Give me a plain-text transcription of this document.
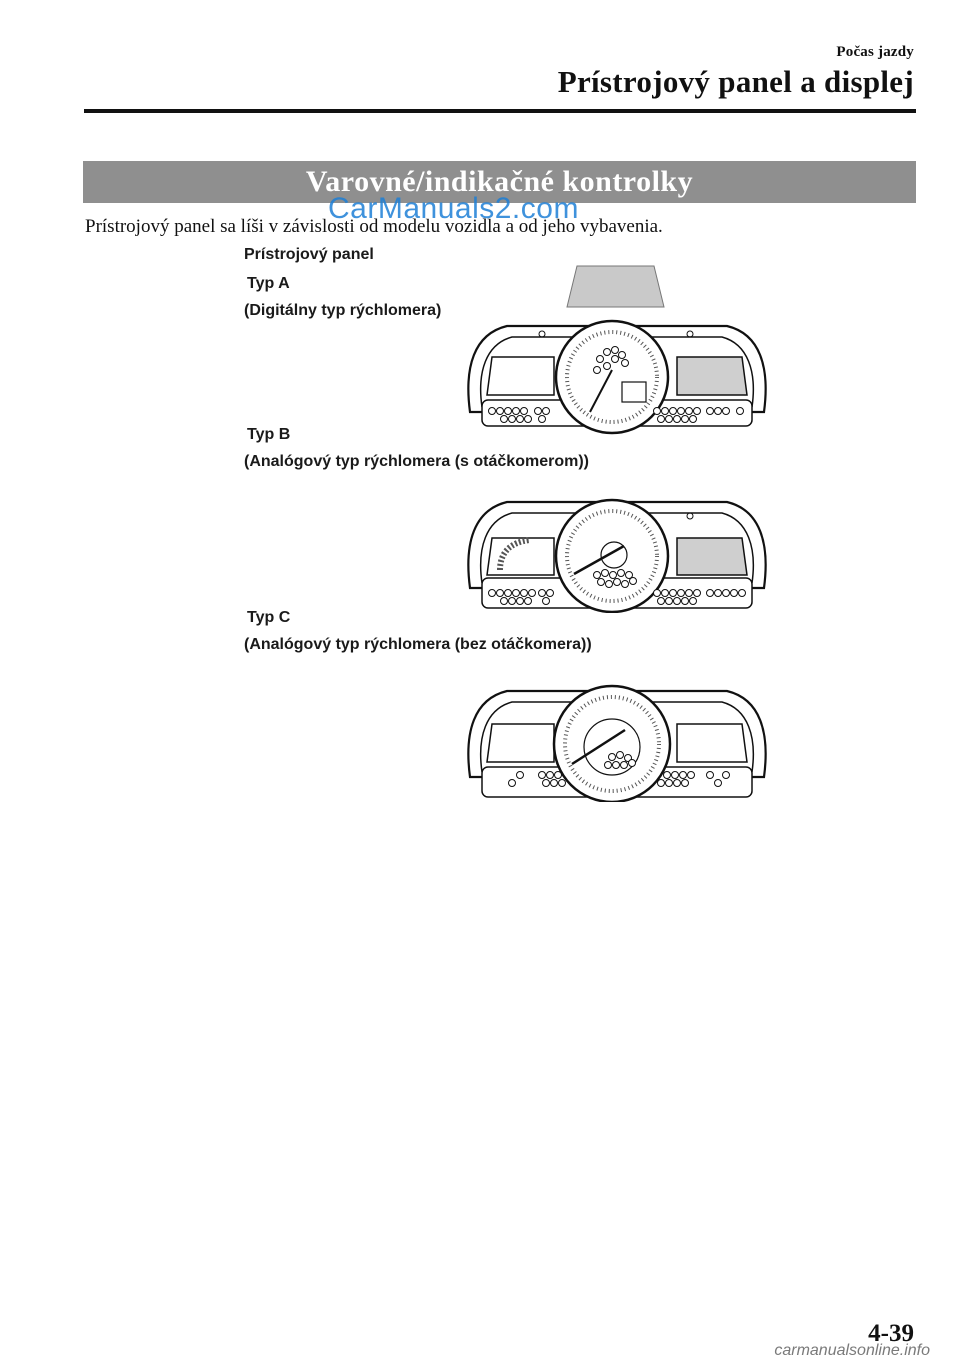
Počas jazdy
Prístrojový panel a displej
Varovné/indikačné kontrolky
CarManuals2.com
Prístrojový panel sa líši v závislosti od modelu vozidla a od jeho vybavenia.
Prístrojový panel
Typ A
(Digitálny typ rýchlomera)
Typ B
(Analógový typ rýchlomera (s otáčkomerom))
Typ C
(Analógový typ rýchlomera (bez otáčkomera))
4-39
carmanualsonline.info
